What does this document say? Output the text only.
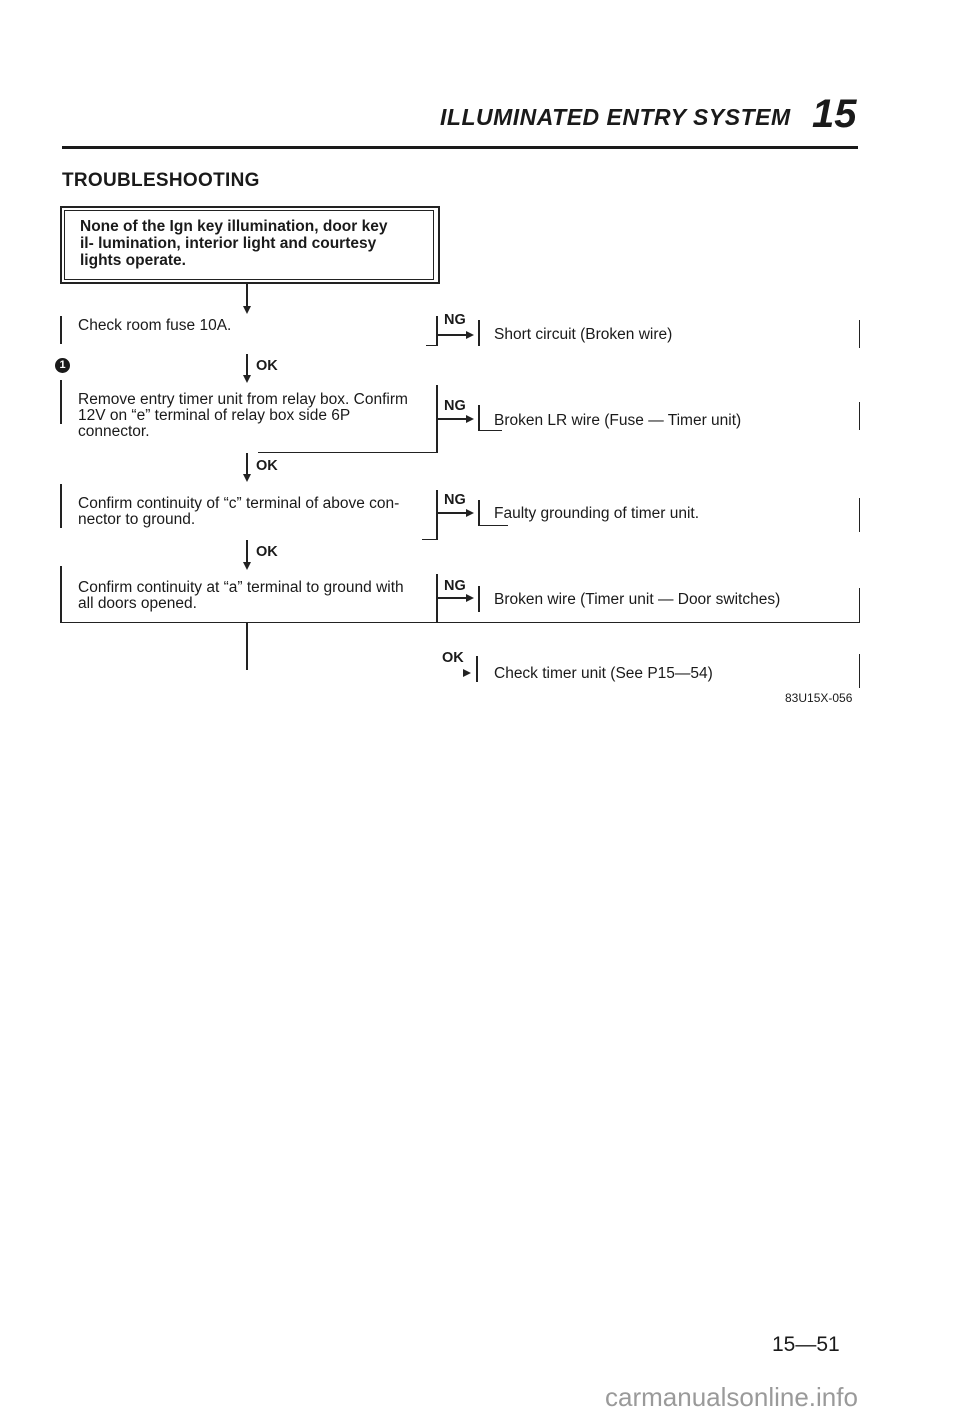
ILLUMINATED ENTRY SYSTEM 15
TROUBLESHOOTING
None of the Ign key illumination, door key il- lumination, interior light and courtesy lights operate.
Check room fuse 10A.	NG
Short circuit (Broken wire)
1	OK
Remove entry timer unit from relay box. Confirm 12V on “e” terminal of relay box side 6P connector.
NG
Broken LR wire (Fuse — Timer unit)
OK
Confirm continuity of “c” terminal of above con- nector to ground.
NG
Faulty grounding of timer unit.
OK
Confirm continuity at “a” terminal to ground with all doors opened.
NG
Broken wire (Timer unit — Door switches)
OK
Check timer unit (See P15—54)
83U15X-056
15—51
carmanualsonline.info
